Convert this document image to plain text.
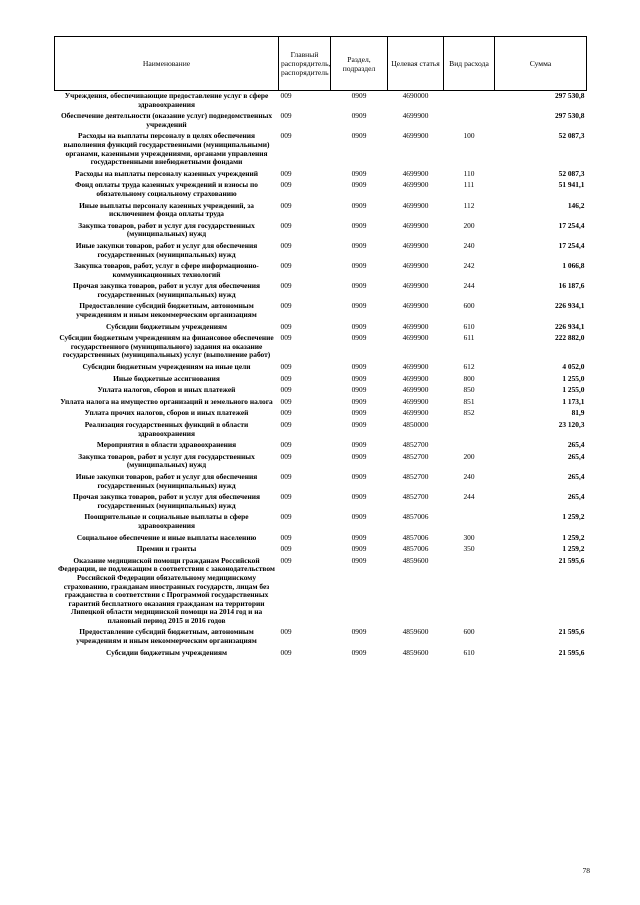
Наименование	Главный распорядитель, распорядитель	Раздел, подраздел	Целевая статья	Вид расхода	Сумма
Учреждения, обеспечивающие предоставление услуг в сфере здравоохранения	009	0909	4690000		297 530,8
Обеспечение деятельности (оказание услуг) подведомственных учреждений	009	0909	4699900		297 530,8
Расходы на выплаты персоналу в целях обеспечения выполнения функций государственными (муниципальными) органами, казенными учреждениями, органами управления государственными внебюджетными фондами	009	0909	4699900	100	52 087,3
Расходы на выплаты персоналу казенных учреждений	009	0909	4699900	110	52 087,3
Фонд оплаты труда казенных учреждений и взносы по обязательному социальному страхованию	009	0909	4699900	111	51 941,1
Иные выплаты персоналу казенных учреждений, за исключением фонда оплаты труда	009	0909	4699900	112	146,2
Закупка товаров, работ и услуг для государственных (муниципальных) нужд	009	0909	4699900	200	17 254,4
Иные закупки товаров, работ и услуг для обеспечения государственных (муниципальных) нужд	009	0909	4699900	240	17 254,4
Закупка товаров, работ, услуг в сфере информационно-коммуникационных технологий	009	0909	4699900	242	1 066,8
Прочая закупка товаров, работ и услуг для обеспечения государственных (муниципальных) нужд	009	0909	4699900	244	16 187,6
Предоставление субсидий бюджетным, автономным учреждениям и иным некоммерческим организациям	009	0909	4699900	600	226 934,1
Субсидии бюджетным учреждениям	009	0909	4699900	610	226 934,1
Субсидии бюджетным учреждениям на финансовое обеспечение государственного (муниципального) задания на оказание государственных (муниципальных) услуг (выполнение работ)	009	0909	4699900	611	222 882,0
Субсидии бюджетным учреждениям на иные цели	009	0909	4699900	612	4 052,0
Иные бюджетные ассигнования	009	0909	4699900	800	1 255,0
Уплата налогов, сборов и иных платежей	009	0909	4699900	850	1 255,0
Уплата налога на имущество организаций и земельного налога	009	0909	4699900	851	1 173,1
Уплата прочих налогов, сборов и иных платежей	009	0909	4699900	852	81,9
Реализация государственных функций в области здравоохранения	009	0909	4850000		23 120,3
Мероприятия в области здравоохранения	009	0909	4852700		265,4
Закупка товаров, работ и услуг для государственных (муниципальных) нужд	009	0909	4852700	200	265,4
Иные закупки товаров, работ и услуг для обеспечения государственных (муниципальных) нужд	009	0909	4852700	240	265,4
Прочая закупка товаров, работ и услуг для обеспечения государственных (муниципальных) нужд	009	0909	4852700	244	265,4
Поощрительные и социальные выплаты в сфере здравоохранения	009	0909	4857006		1 259,2
Социальное обеспечение и иные выплаты населению	009	0909	4857006	300	1 259,2
Премии и гранты	009	0909	4857006	350	1 259,2
Оказание медицинской помощи гражданам Российской Федерации, не подлежащим в соответствии с законодательством Российской Федерации обязательному медицинскому страхованию, гражданам иностранных государств, лицам без гражданства в соответствии с Программой государственных гарантий бесплатного оказания гражданам на территории Липецкой области медицинской помощи на 2014 год и на плановый период 2015 и 2016 годов	009	0909	4859600		21 595,6
Предоставление субсидий бюджетным, автономным учреждениям и иным некоммерческим организациям	009	0909	4859600	600	21 595,6
Субсидии бюджетным учреждениям	009	0909	4859600	610	21 595,6
78
